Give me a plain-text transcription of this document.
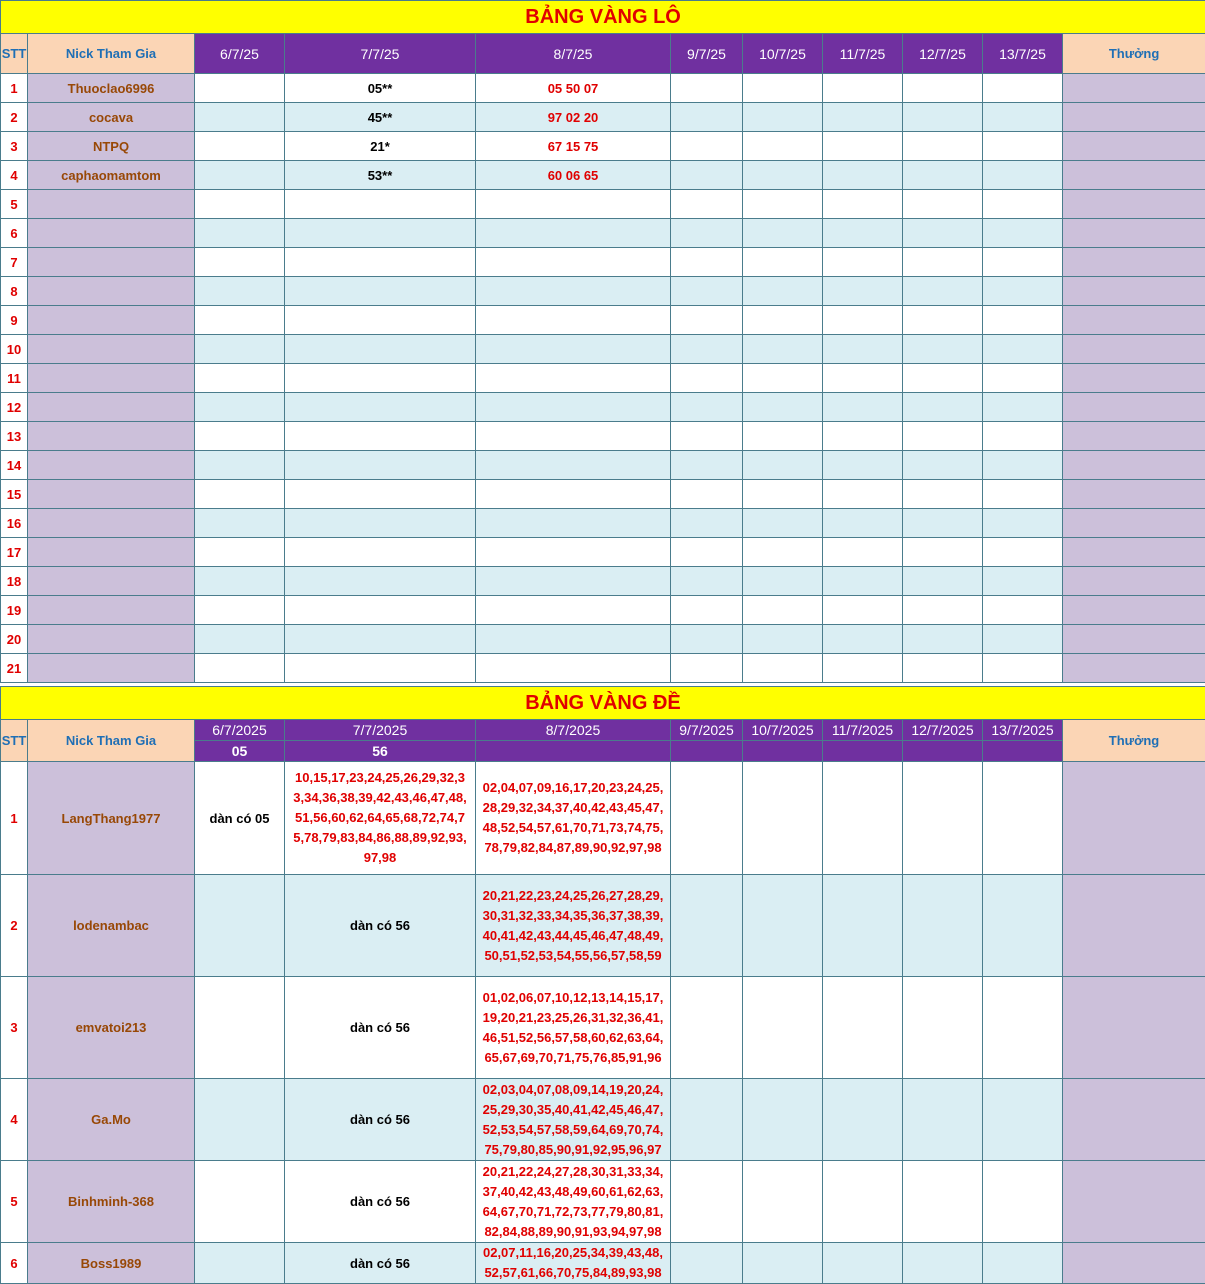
BẢNG VÀNG LÔ										
STT	Nick Tham Gia	6/7/25	7/7/25	8/7/25	9/7/25	10/7/25	11/7/25	12/7/25	13/7/25	Thưởng
1	Thuoclao6996		05**	05 50 07						
2	cocava		45**	97 02 20						
3	NTPQ		21*	67 15 75						
4	caphaomamtom		53**	60 06 65						
5										
6										
7										
8										
9										
10										
11										
12										
13										
14										
15										
16										
17										
18										
19										
20										
21										
BẢNG VÀNG ĐỀ										
STT	Nick Tham Gia	6/7/2025	7/7/2025	8/7/2025	9/7/2025	10/7/2025	11/7/2025	12/7/2025	13/7/2025	Thưởng
		05	56							
1	LangThang1977	dàn có 05	10,15,17,23,24,25,26,29,32,33,34,36,38,39,42,43,46,47,48,51,56,60,62,64,65,68,72,74,75,78,79,83,84,86,88,89,92,93,97,98	02,04,07,09,16,17,20,23,24,25,28,29,32,34,37,40,42,43,45,47,48,52,54,57,61,70,71,73,74,75,78,79,82,84,87,89,90,92,97,98						
2	lodenambac		dàn có 56	20,21,22,23,24,25,26,27,28,29,30,31,32,33,34,35,36,37,38,39,40,41,42,43,44,45,46,47,48,49,50,51,52,53,54,55,56,57,58,59						
3	emvatoi213		dàn có 56	01,02,06,07,10,12,13,14,15,17,19,20,21,23,25,26,31,32,36,41,46,51,52,56,57,58,60,62,63,64,65,67,69,70,71,75,76,85,91,96						
4	Ga.Mo		dàn có 56	02,03,04,07,08,09,14,19,20,24,25,29,30,35,40,41,42,45,46,47,52,53,54,57,58,59,64,69,70,74,75,79,80,85,90,91,92,95,96,97						
5	Binhminh-368		dàn có 56	20,21,22,24,27,28,30,31,33,34,37,40,42,43,48,49,60,61,62,63,64,67,70,71,72,73,77,79,80,81,82,84,88,89,90,91,93,94,97,98						
6	Boss1989		dàn có 56	02,07,11,16,20,25,34,39,43,48,52,57,61,66,70,75,84,89,93,98						
